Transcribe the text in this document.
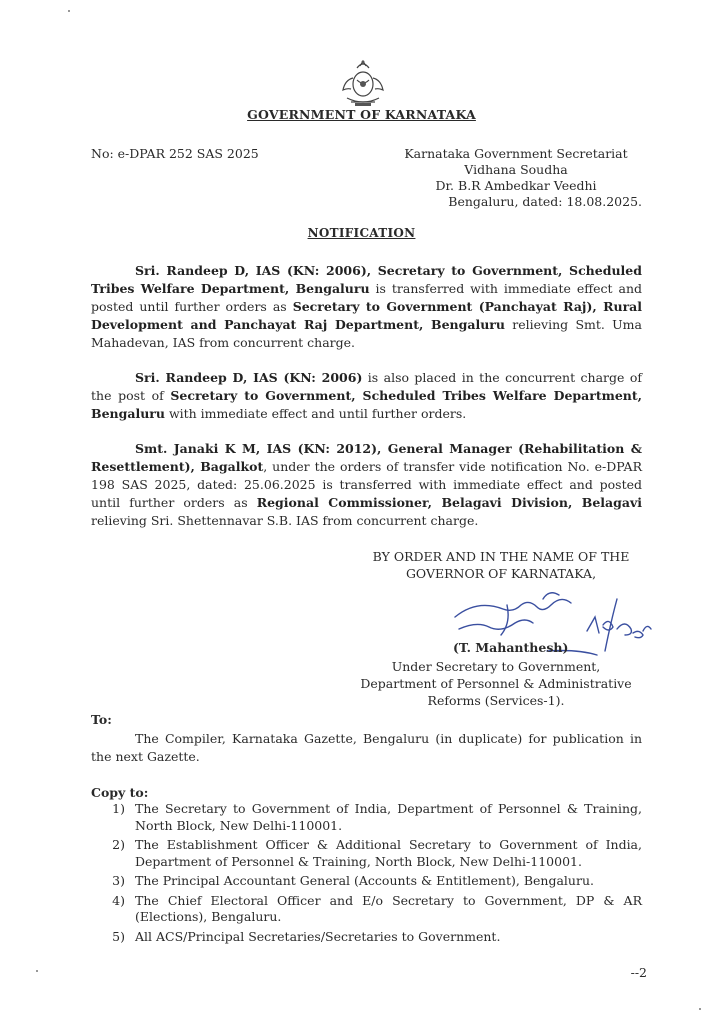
GOVERNMENT OF KARNATAKA
No: e-DPAR 252 SAS 2025	Karnataka Government Secretariat
Vidhana Soudha
Dr. B.R Ambedkar Veedhi
Bengaluru, dated: 18.08.2025.
NOTIFICATION
Sri. Randeep D, IAS (KN: 2006), Secretary to Government, Scheduled Tribes Welfare Department, Bengaluru is transferred with immediate effect and posted until further orders as Secretary to Government (Panchayat Raj), Rural Development and Panchayat Raj Department, Bengaluru relieving Smt. Uma Mahadevan, IAS from concurrent charge.
Sri. Randeep D, IAS (KN: 2006) is also placed in the concurrent charge of the post of Secretary to Government, Scheduled Tribes Welfare Department, Bengaluru with immediate effect and until further orders.
Smt. Janaki K M, IAS (KN: 2012), General Manager (Rehabilitation & Resettlement), Bagalkot, under the orders of transfer vide notification No. e-DPAR 198 SAS 2025, dated: 25.06.2025 is transferred with immediate effect and posted until further orders as Regional Commissioner, Belagavi Division, Belagavi relieving Sri. Shettennavar S.B. IAS from concurrent charge.
BY ORDER AND IN THE NAME OF THE
GOVERNOR OF KARNATAKA,
(T. Mahanthesh)
Under Secretary to Government,
Department of Personnel & Administrative
Reforms (Services-1).
To:
The Compiler, Karnataka Gazette, Bengaluru (in duplicate) for publication in the next Gazette.
Copy to:
1) The Secretary to Government of India, Department of Personnel & Training, North Block, New Delhi-110001.
2) The Establishment Officer & Additional Secretary to Government of India, Department of Personnel & Training, North Block, New Delhi-110001.
3) The Principal Accountant General (Accounts & Entitlement), Bengaluru.
4) The Chief Electoral Officer and E/o Secretary to Government, DP & AR (Elections), Bengaluru.
5) All ACS/Principal Secretaries/Secretaries to Government.
--2
